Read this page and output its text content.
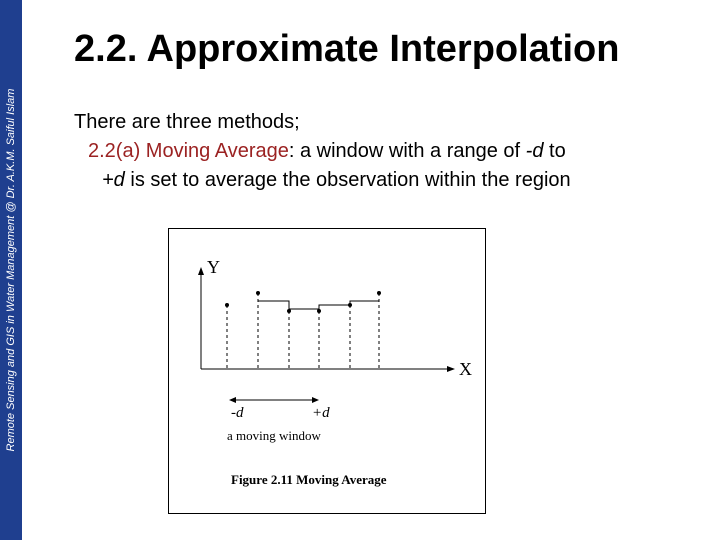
Remote Sensing and GIS in Water Management @ Dr. A.K.M. Saiful Islam
2.2. Approximate Interpolation
There are three methods;
2.2(a) Moving Average: a window with a range of -d to
+d is set to average the observation within the region
Y
X
-d	+d
a moving window
Figure 2.11 Moving Average
